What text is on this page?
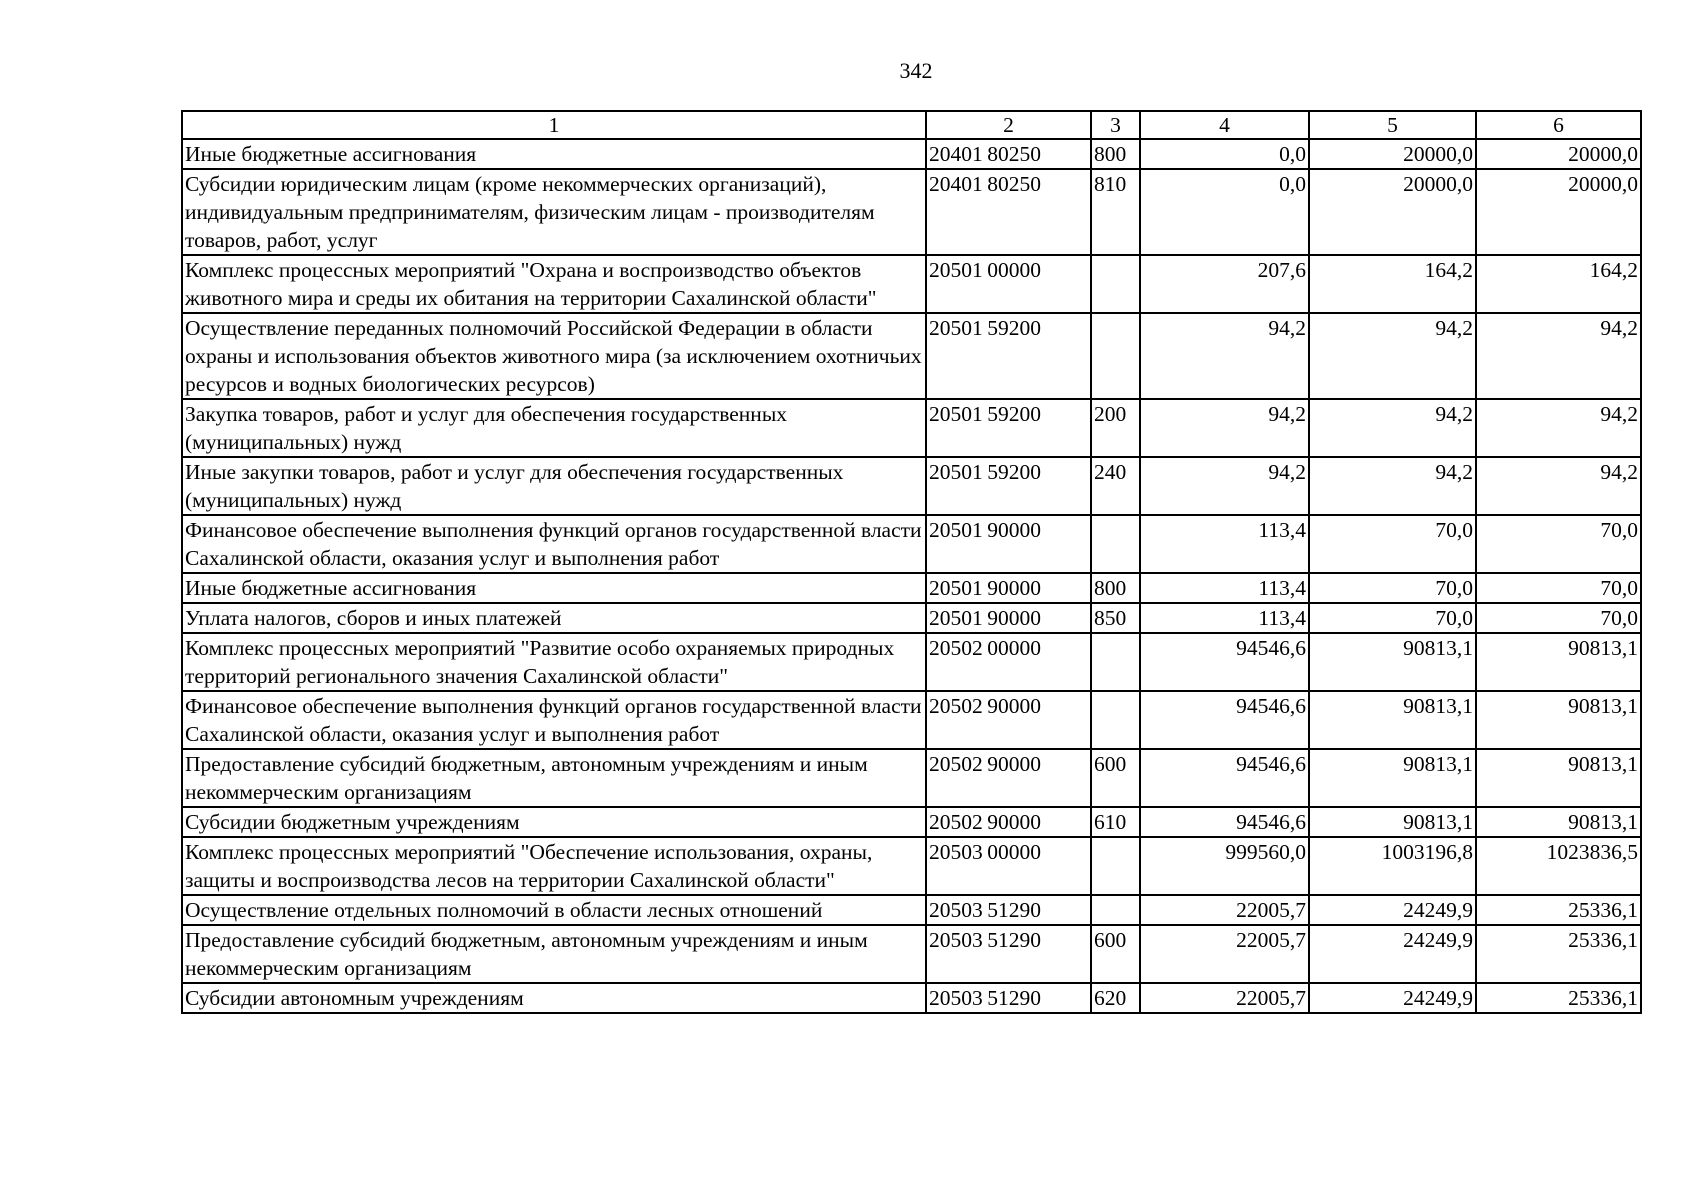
342
1	2	3	4	5	6
Иные бюджетные ассигнования	20401 80250	800	0,0	20000,0	20000,0
Субсидии юридическим лицам (кроме некоммерческих организаций), индивидуальным предпринимателям, физическим лицам - производителям товаров, работ, услуг	20401 80250	810	0,0	20000,0	20000,0
Комплекс процессных мероприятий "Охрана и воспроизводство объектов животного мира и среды их обитания на территории Сахалинской области"	20501 00000		207,6	164,2	164,2
Осуществление переданных полномочий Российской Федерации в области охраны и использования объектов животного мира (за исключением охотничьих ресурсов и водных биологических ресурсов)	20501 59200		94,2	94,2	94,2
Закупка товаров, работ и услуг для обеспечения государственных (муниципальных) нужд	20501 59200	200	94,2	94,2	94,2
Иные закупки товаров, работ и услуг для обеспечения государственных (муниципальных) нужд	20501 59200	240	94,2	94,2	94,2
Финансовое обеспечение выполнения функций органов государственной власти Сахалинской области, оказания услуг и выполнения работ	20501 90000		113,4	70,0	70,0
Иные бюджетные ассигнования	20501 90000	800	113,4	70,0	70,0
Уплата налогов, сборов и иных платежей	20501 90000	850	113,4	70,0	70,0
Комплекс процессных мероприятий "Развитие особо охраняемых природных территорий регионального значения Сахалинской области"	20502 00000		94546,6	90813,1	90813,1
Финансовое обеспечение выполнения функций органов государственной власти Сахалинской области, оказания услуг и выполнения работ	20502 90000		94546,6	90813,1	90813,1
Предоставление субсидий бюджетным, автономным учреждениям и иным некоммерческим организациям	20502 90000	600	94546,6	90813,1	90813,1
Субсидии бюджетным учреждениям	20502 90000	610	94546,6	90813,1	90813,1
Комплекс процессных мероприятий "Обеспечение использования, охраны, защиты и воспроизводства лесов на территории Сахалинской области"	20503 00000		999560,0	1003196,8	1023836,5
Осуществление отдельных полномочий в области лесных отношений	20503 51290		22005,7	24249,9	25336,1
Предоставление субсидий бюджетным, автономным учреждениям и иным некоммерческим организациям	20503 51290	600	22005,7	24249,9	25336,1
Субсидии автономным учреждениям	20503 51290	620	22005,7	24249,9	25336,1
